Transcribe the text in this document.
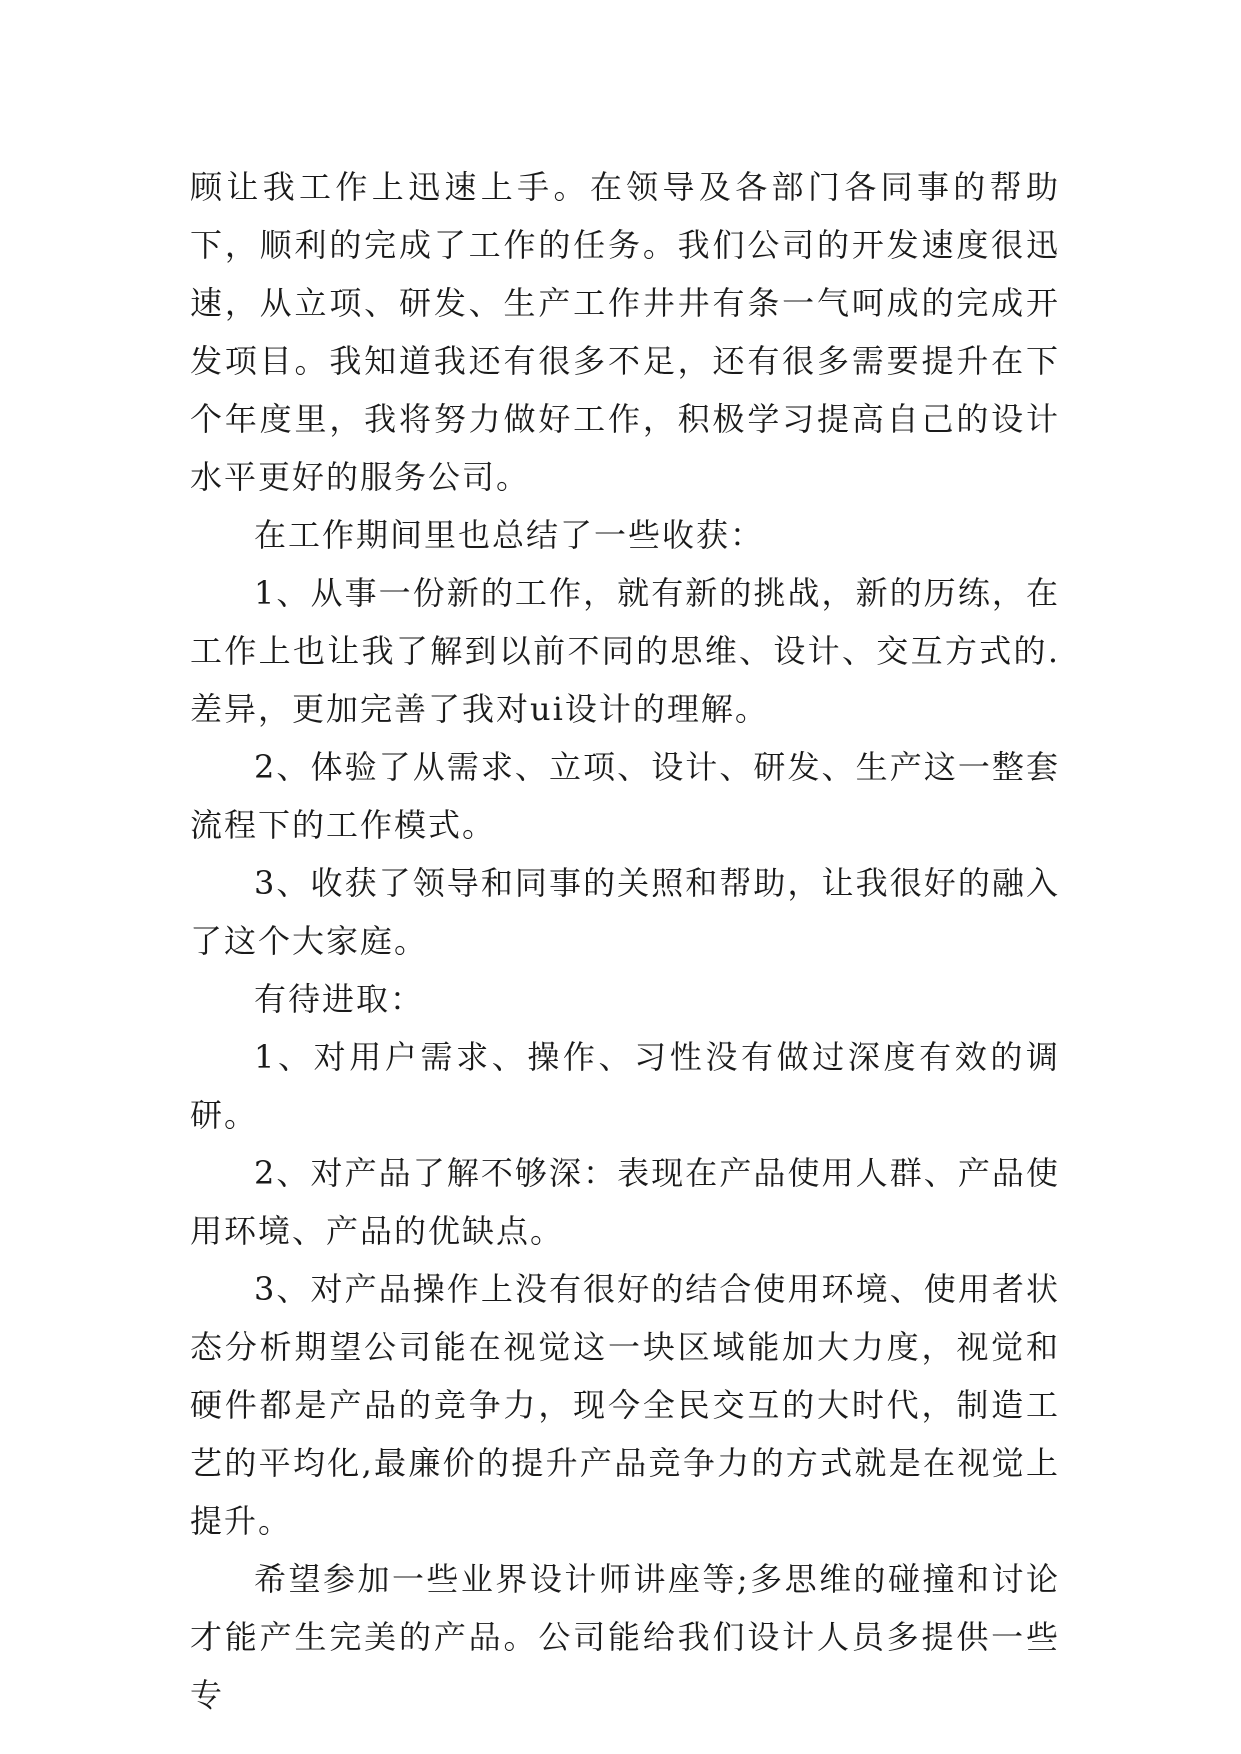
顾让我工作上迅速上手。在领导及各部门各同事的帮助下，顺利的完成了工作的任务。我们公司的开发速度很迅速，从立项、研发、生产工作井井有条一气呵成的完成开发项目。我知道我还有很多不足，还有很多需要提升在下个年度里，我将努力做好工作，积极学习提高自己的设计水平更好的服务公司。

在工作期间里也总结了一些收获：

1、从事一份新的工作，就有新的挑战，新的历练，在工作上也让我了解到以前不同的思维、设计、交互方式的.差异，更加完善了我对ui设计的理解。

2、体验了从需求、立项、设计、研发、生产这一整套流程下的工作模式。

3、收获了领导和同事的关照和帮助，让我很好的融入了这个大家庭。

有待进取：

1、对用户需求、操作、习性没有做过深度有效的调研。

2、对产品了解不够深：表现在产品使用人群、产品使用环境、产品的优缺点。

3、对产品操作上没有很好的结合使用环境、使用者状态分析期望公司能在视觉这一块区域能加大力度，视觉和硬件都是产品的竞争力，现今全民交互的大时代，制造工艺的平均化,最廉价的提升产品竞争力的方式就是在视觉上提升。

希望参加一些业界设计师讲座等;多思维的碰撞和讨论才能产生完美的产品。公司能给我们设计人员多提供一些专
